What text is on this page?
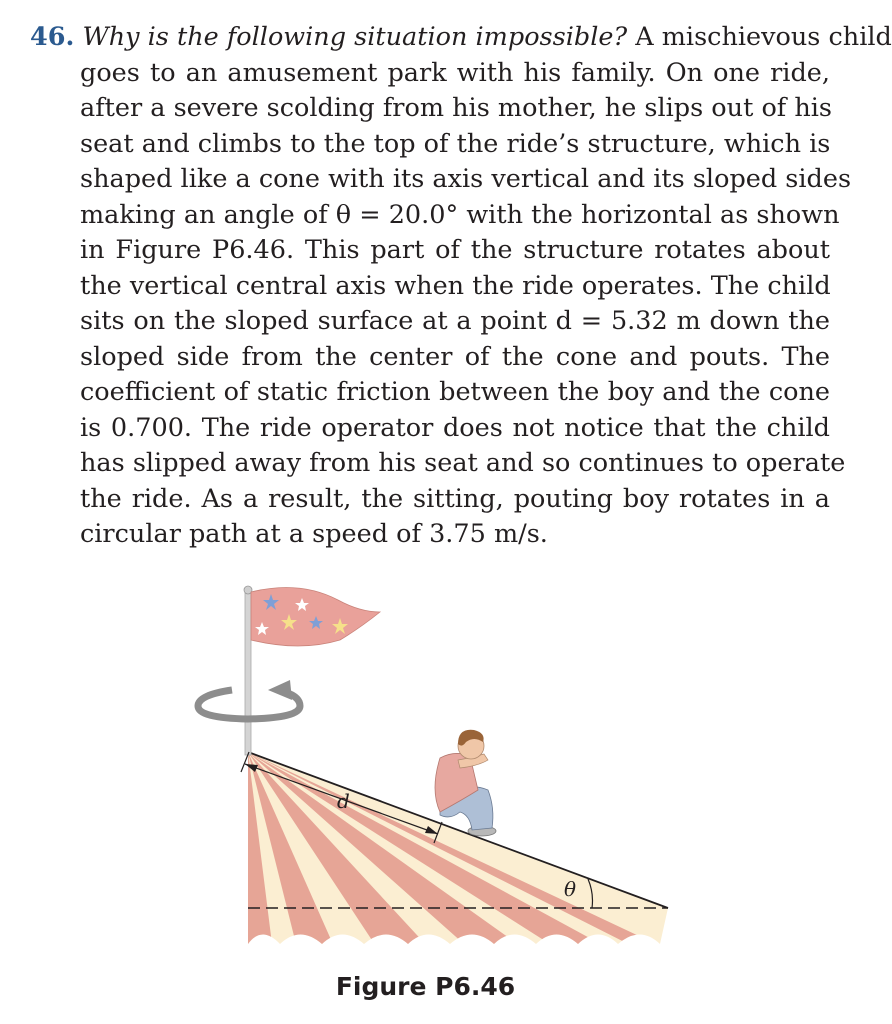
46. Why is the following situation impossible? A mischievous child
goes to an amusement park with his family. On one ride,
after a severe scolding from his mother, he slips out of his
seat and climbs to the top of the ride’s structure, which is
shaped like a cone with its axis vertical and its sloped sides
making an angle of θ = 20.0° with the horizontal as shown
in Figure P6.46. This part of the structure rotates about
the vertical central axis when the ride operates. The child
sits on the sloped surface at a point d = 5.32 m down the
sloped side from the center of the cone and pouts. The
coefficient of static friction between the boy and the cone
is 0.700. The ride operator does not notice that the child
has slipped away from his seat and so continues to operate
the ride. As a result, the sitting, pouting boy rotates in a
circular path at a speed of 3.75 m/s.
d
θ
Figure P6.46
